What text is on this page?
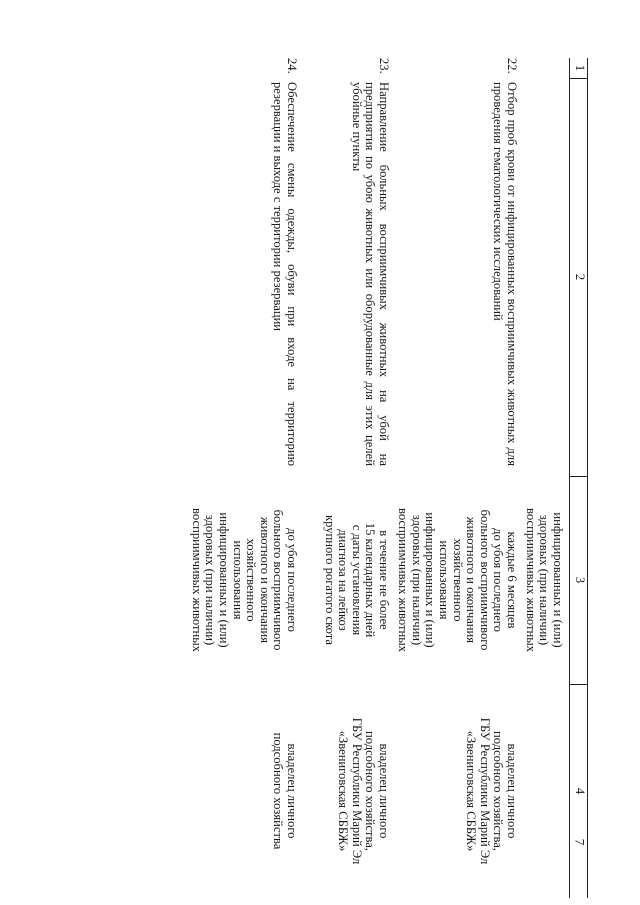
1
2
3
4
инфицированных и (или)
здоровых (при наличии)
восприимчивых животных
22.
Отбор проб крови от инфицированных восприимчивых животных для проведения гематологических исследований
каждые 6 месяцев
до убоя последнего
больного восприимчивого
животного и окончания
хозяйственного
использования
инфицированных и (или)
здоровых (при наличии)
восприимчивых животных
владелец личного
подсобного хозяйства,
ГБУ Республики Марий Эл
«Звениговская СББЖ»
23.
Направление больных восприимчивых животных на убой на предприятия по убою животных или оборудованные для этих целей убойные пункты
в течение не более
15 календарных дней
с даты установления
диагноза на лейкоз
крупного рогатого скота
владелец личного
подсобного хозяйства,
ГБУ Республики Марий Эл
«Звениговская СББЖ»
24.
Обеспечение смены одежды, обуви при входе на территорию резервации и выходе с территории резервации
до убоя последнего
больного восприимчивого
животного и окончания
хозяйственного
использования
инфицированных и (или)
здоровых (при наличии)
восприимчивых животных
владелец личного
подсобного хозяйства	7
